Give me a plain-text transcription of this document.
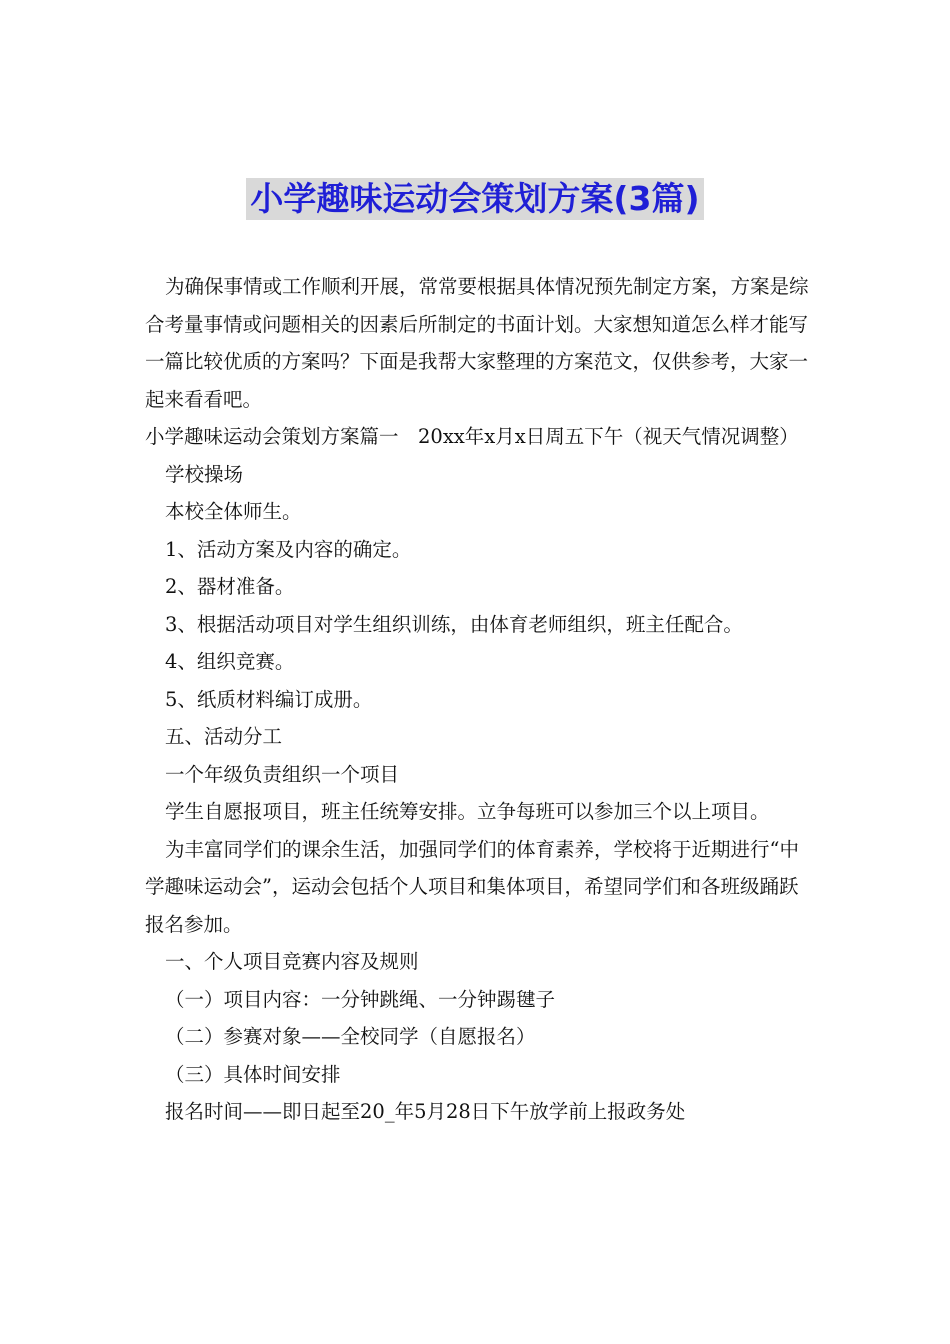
小学趣味运动会策划方案(3篇)

为确保事情或工作顺利开展，常常要根据具体情况预先制定方案，方案是综合考量事情或问题相关的因素后所制定的书面计划。大家想知道怎么样才能写一篇比较优质的方案吗？下面是我帮大家整理的方案范文，仅供参考，大家一起来看看吧。

小学趣味运动会策划方案篇一　20xx年x月x日周五下午（视天气情况调整）

学校操场

本校全体师生。

1、活动方案及内容的确定。

2、器材准备。

3、根据活动项目对学生组织训练，由体育老师组织，班主任配合。

4、组织竞赛。

5、纸质材料编订成册。

五、活动分工

一个年级负责组织一个项目

学生自愿报项目，班主任统筹安排。立争每班可以参加三个以上项目。

为丰富同学们的课余生活，加强同学们的体育素养，学校将于近期进行“中学趣味运动会”，运动会包括个人项目和集体项目，希望同学们和各班级踊跃报名参加。

一、个人项目竞赛内容及规则

（一）项目内容：一分钟跳绳、一分钟踢毽子

（二）参赛对象——全校同学（自愿报名）

（三）具体时间安排

报名时间——即日起至20_年5月28日下午放学前上报政务处
